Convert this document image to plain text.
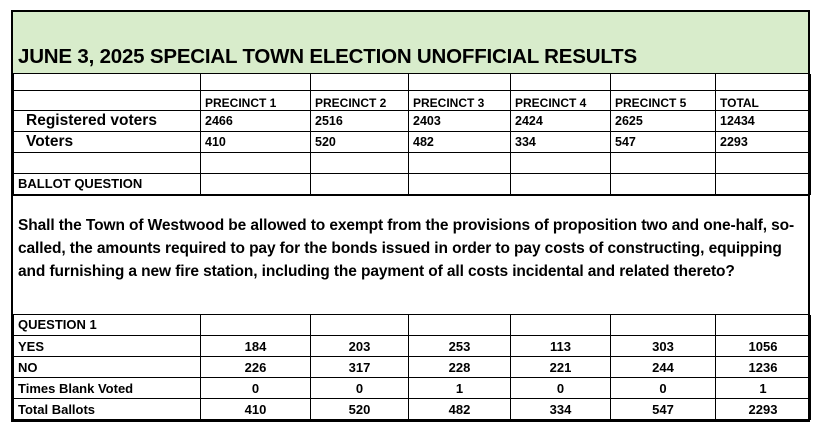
JUNE 3, 2025 SPECIAL TOWN ELECTION UNOFFICIAL RESULTS

	PRECINCT 1	PRECINCT 2	PRECINCT 3	PRECINCT 4	PRECINCT 5	TOTAL
Registered voters	2466	2516	2403	2424	2625	12434
Voters	410	520	482	334	547	2293

BALLOT QUESTION						
Shall the Town of Westwood be allowed to exempt from the provisions of proposition two and one-half, so-called, the amounts required to pay for the bonds issued in order to pay costs of constructing, equipping and furnishing a new fire station, including the payment of all costs incidental and related thereto?
QUESTION 1						
YES	184	203	253	113	303	1056
NO	226	317	228	221	244	1236
Times Blank Voted	0	0	1	0	0	1
Total Ballots	410	520	482	334	547	2293
